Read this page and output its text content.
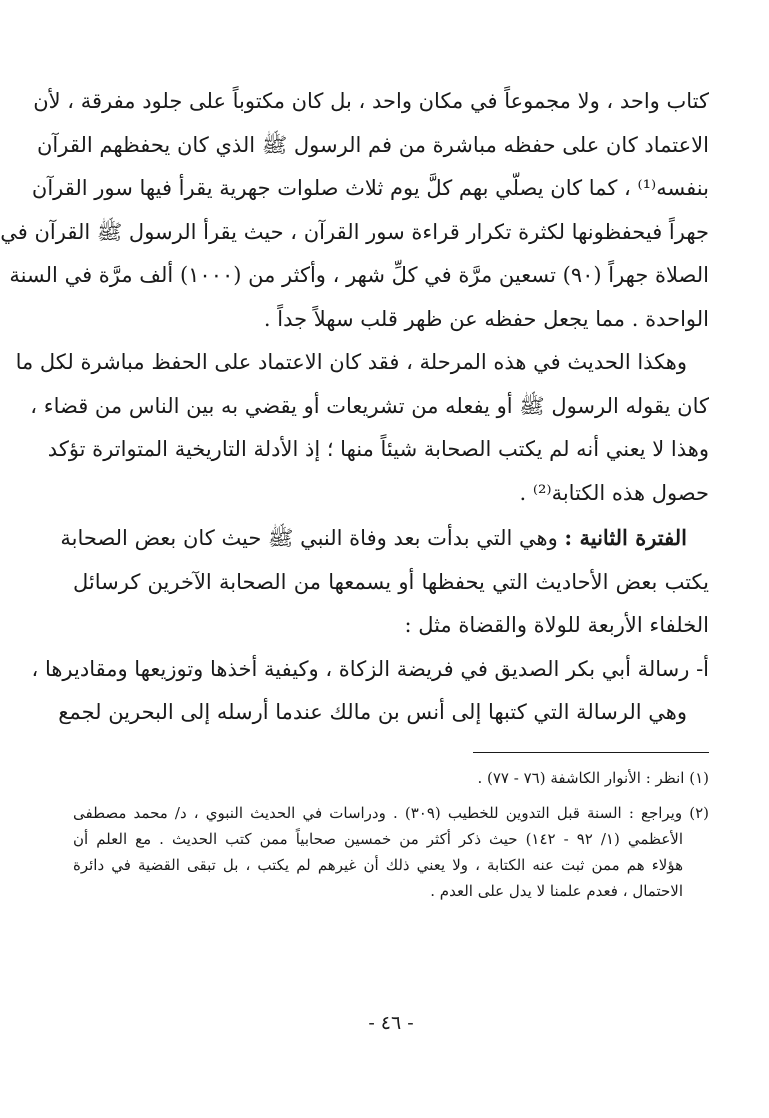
كتاب واحد ، ولا مجموعاً في مكان واحد ، بل كان مكتوباً على جلود مفرقة ، لأن
الاعتماد كان على حفظه مباشرة من فم الرسول ﷺ الذي كان يحفظهم القرآن
بنفسه⁽¹⁾ ، كما كان يصلّي بهم كلَّ يوم ثلاث صلوات جهرية يقرأ فيها سور القرآن
جهراً فيحفظونها لكثرة تكرار قراءة سور القرآن ، حيث يقرأ الرسول ﷺ القرآن في
الصلاة جهراً (٩٠) تسعين مرَّة في كلِّ شهر ، وأكثر من (١٠٠٠) ألف مرَّة في السنة
الواحدة . مما يجعل حفظه عن ظهر قلب سهلاً جداً .
وهكذا الحديث في هذه المرحلة ، فقد كان الاعتماد على الحفظ مباشرة لكل ما
كان يقوله الرسول ﷺ أو يفعله من تشريعات أو يقضي به بين الناس من قضاء ،
وهذا لا يعني أنه لم يكتب الصحابة شيئاً منها ؛ إذ الأدلة التاريخية المتواترة تؤكد
حصول هذه الكتابة⁽²⁾ .
الفترة الثانية : وهي التي بدأت بعد وفاة النبي ﷺ حيث كان بعض الصحابة
يكتب بعض الأحاديث التي يحفظها أو يسمعها من الصحابة الآخرين كرسائل
الخلفاء الأربعة للولاة والقضاة مثل :
أ- رسالة أبي بكر الصديق في فريضة الزكاة ، وكيفية أخذها وتوزيعها ومقاديرها ،
وهي الرسالة التي كتبها إلى أنس بن مالك عندما أرسله إلى البحرين لجمع
(١) انظر : الأنوار الكاشفة (٧٦ - ٧٧) .
(٢) ويراجع : السنة قبل التدوين للخطيب (٣٠٩) . ودراسات في الحديث النبوي ، د/ محمد مصطفى
الأعظمي (١/ ٩٢ - ١٤٢) حيث ذكر أكثر من خمسين صحابياً ممن كتب الحديث . مع العلم أن
هؤلاء هم ممن ثبت عنه الكتابة ، ولا يعني ذلك أن غيرهم لم يكتب ، بل تبقى القضية في دائرة
الاحتمال ، فعدم علمنا لا يدل على العدم .
- ٤٦ -
